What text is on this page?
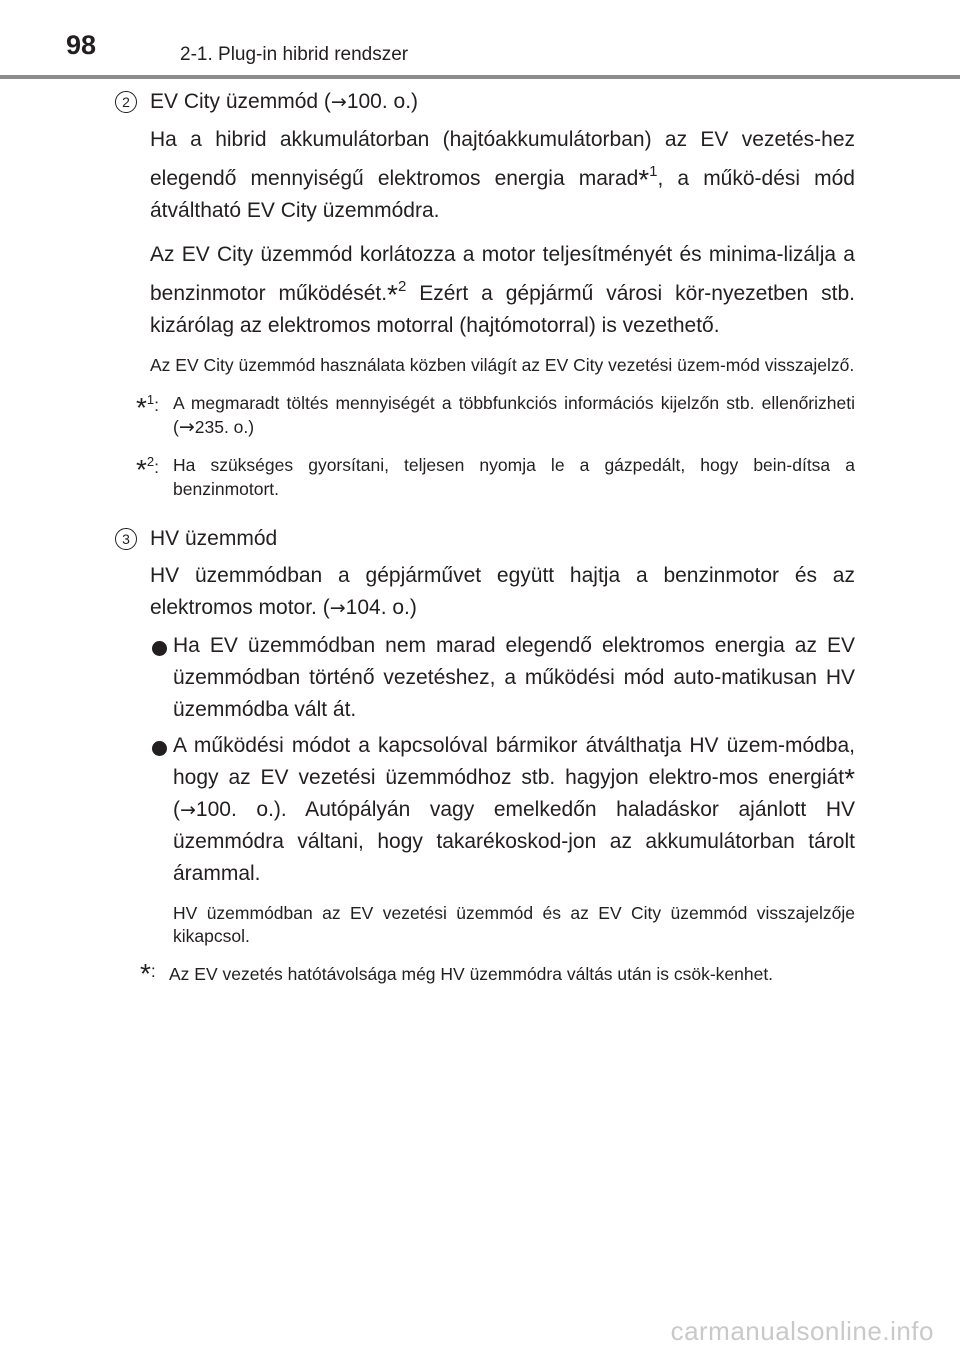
98	2-1. Plug-in hibrid rendszer
2 EV City üzemmód (→100. o.)

Ha a hibrid akkumulátorban (hajtóakkumulátorban) az EV vezetés-hez elegendő mennyiségű elektromos energia marad*$^1$, a műkö-dési mód átváltható EV City üzemmódra.

Az EV City üzemmód korlátozza a motor teljesítményét és minima-lizálja a benzinmotor működését.*$^2$ Ezért a gépjármű városi kör-nyezetben stb. kizárólag az elektromos motorral (hajtómotorral) is vezethető.

Az EV City üzemmód használata közben világít az EV City vezetési üzem-mód visszajelző.

*$^1$: A megmaradt töltés mennyiségét a többfunkciós információs kijelzőn stb. ellenőrizheti (→235. o.)
*$^2$: Ha szükséges gyorsítani, teljesen nyomja le a gázpedált, hogy bein-dítsa a benzinmotort.
3 HV üzemmód

HV üzemmódban a gépjárművet együtt hajtja a benzinmotor és az elektromos motor. (→104. o.)

Ha EV üzemmódban nem marad elegendő elektromos energia az EV üzemmódban történő vezetéshez, a működési mód auto-matikusan HV üzemmódba vált át.
A működési módot a kapcsolóval bármikor átválthatja HV üzem-módba, hogy az EV vezetési üzemmódhoz stb. hagyjon elektro-mos energiát* (→100. o.). Autópályán vagy emelkedőn haladáskor ajánlott HV üzemmódra váltani, hogy takarékoskod-jon az akkumulátorban tárolt árammal.

HV üzemmódban az EV vezetési üzemmód és az EV City üzemmód visszajelzője kikapcsol.

*: Az EV vezetés hatótávolsága még HV üzemmódra váltás után is csök-kenhet.
carmanualsonline.info
